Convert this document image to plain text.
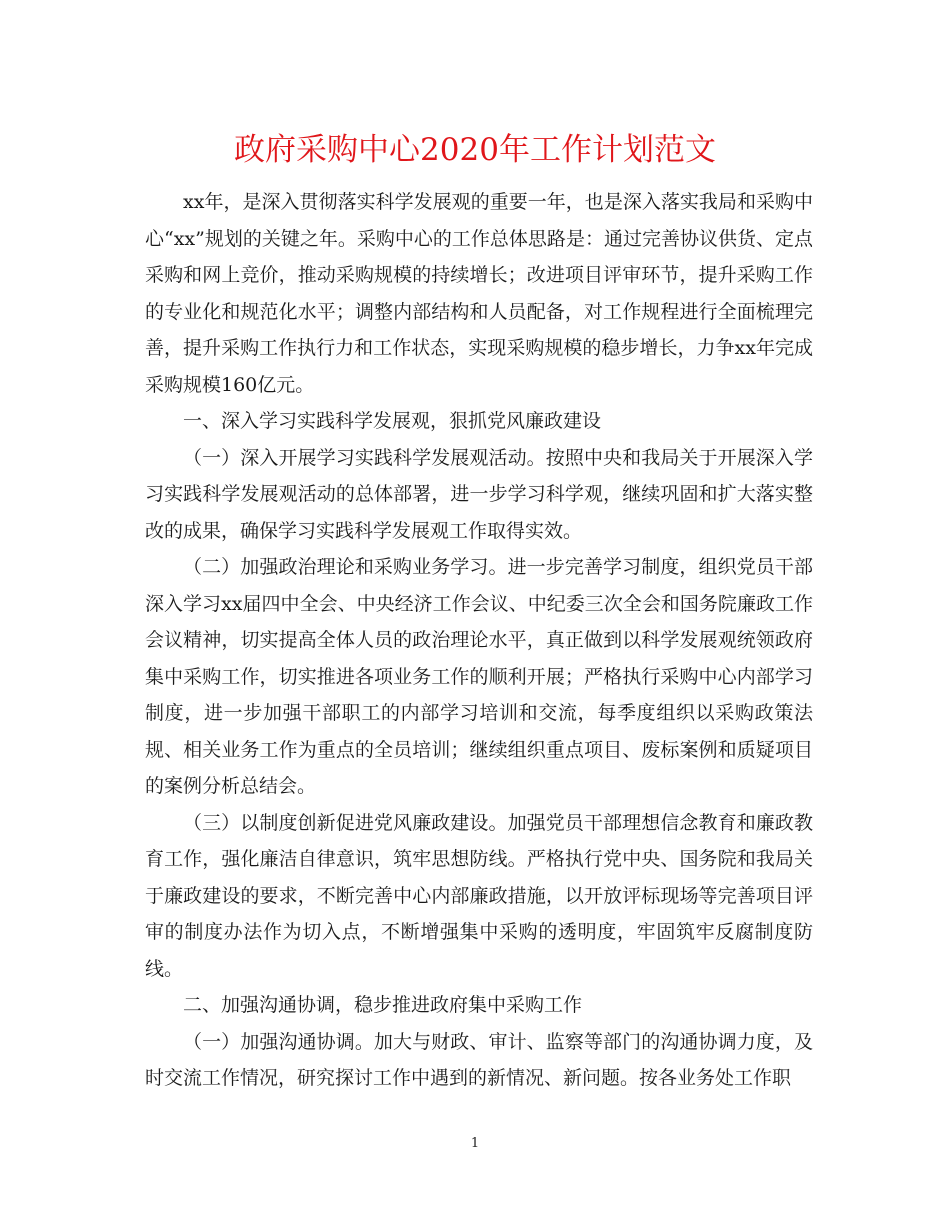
政府采购中心2020年工作计划范文

xx年，是深入贯彻落实科学发展观的重要一年，也是深入落实我局和采购中心“xx”规划的关键之年。采购中心的工作总体思路是：通过完善协议供货、定点采购和网上竞价，推动采购规模的持续增长；改进项目评审环节，提升采购工作的专业化和规范化水平；调整内部结构和人员配备，对工作规程进行全面梳理完善，提升采购工作执行力和工作状态，实现采购规模的稳步增长，力争xx年完成采购规模160亿元。

一、深入学习实践科学发展观，狠抓党风廉政建设

（一）深入开展学习实践科学发展观活动。按照中央和我局关于开展深入学习实践科学发展观活动的总体部署，进一步学习科学观，继续巩固和扩大落实整改的成果，确保学习实践科学发展观工作取得实效。

（二）加强政治理论和采购业务学习。进一步完善学习制度，组织党员干部深入学习xx届四中全会、中央经济工作会议、中纪委三次全会和国务院廉政工作会议精神，切实提高全体人员的政治理论水平，真正做到以科学发展观统领政府集中采购工作，切实推进各项业务工作的顺利开展；严格执行采购中心内部学习制度，进一步加强干部职工的内部学习培训和交流，每季度组织以采购政策法规、相关业务工作为重点的全员培训；继续组织重点项目、废标案例和质疑项目的案例分析总结会。

（三）以制度创新促进党风廉政建设。加强党员干部理想信念教育和廉政教育工作，强化廉洁自律意识，筑牢思想防线。严格执行党中央、国务院和我局关于廉政建设的要求，不断完善中心内部廉政措施，以开放评标现场等完善项目评审的制度办法作为切入点，不断增强集中采购的透明度，牢固筑牢反腐制度防线。

二、加强沟通协调，稳步推进政府集中采购工作

（一）加强沟通协调。加大与财政、审计、监察等部门的沟通协调力度，及时交流工作情况，研究探讨工作中遇到的新情况、新问题。按各业务处工作职

1
